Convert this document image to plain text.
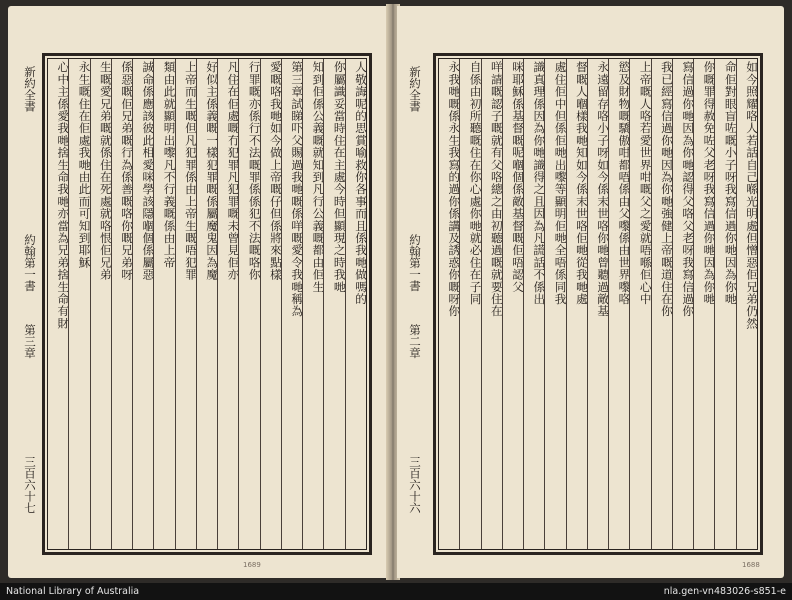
新約全書
約翰第一書
第三章
三百六十七
人敬誨呢的思賞喻救你各事而且係我哋做嗎的
你屬識妥當時住在主處今時但顯現之時我哋
知到佢係公義嘅就知到凡行公義嘅都由佢生
第三章試睇吓父賜過我哋嘅係咩嘅愛令我哋稱為
愛嘅咯我哋如今做上帝嘅仔但係將來點樣
行罪嘅亦係行不法嘅罪係係犯不法嘅咯你
凡住在佢處嘅冇犯罪凡犯罪嘅未曾見佢亦
好似主係義嘅一樣犯罪嘅係屬魔鬼因為魔
上帝而生嘅但凡犯罪係由上帝生嘅唔犯罪
類由此就顯明出嚟凡不行義嘅係由上帝
誠命係應該彼此相愛咪學該隱嗰個係屬惡
係惡嘅佢兄弟嘅行為係善嘅咯你嘅兄弟呀
生嘅愛兄弟嘅就係住在死處就咯恨佢兄弟
永生嘅住在佢處我哋由此而可知到耶穌
心中主係愛我哋捨生命我哋亦當為兄弟捨生命有財
1689
新約全書
約翰第一書
第二章
三百六十六
如今照耀咯人若話自己喺光明處但憎惡佢兄弟仍然
命佢對眼盲咗嘅小子呀我寫信過你哋因為你哋
你嘅罪得赦免咗父老呀我寫信過你哋因為你哋
寫信過你哋因為你哋認得父咯父老呀我寫信過你
我已經寫信過你哋因為你哋強健上帝嘅道住在你
上帝嘅人咯若愛世界咁嘅父之愛就唔喺佢心中
慾及財物嘅驕傲咁都唔係由父嚟係由世界嚟咯
永遠留存咯小子呀如今係末世咯你哋曾聽過敵基
督嘅人嗰樣我哋知如今係末世咯佢哋從我哋處
處住佢中但係佢哋出嚟等顯明佢哋全唔係同我
識真理係因為你哋識得之且因為凡謊話不係出
咪耶穌係基督嘅呢嗰個係敵基督嘅佢唔認父
咩請嘅認子嘅就有父咯總之由初聽過嘅就要住在
自係由初所聽嘅住在你心處你哋就必住在子同
永我哋嘅係永生我寫的過你係講及誘惑你嘅呀你
1688
National Library of Australia	nla.gen-vn483026-s851-e
